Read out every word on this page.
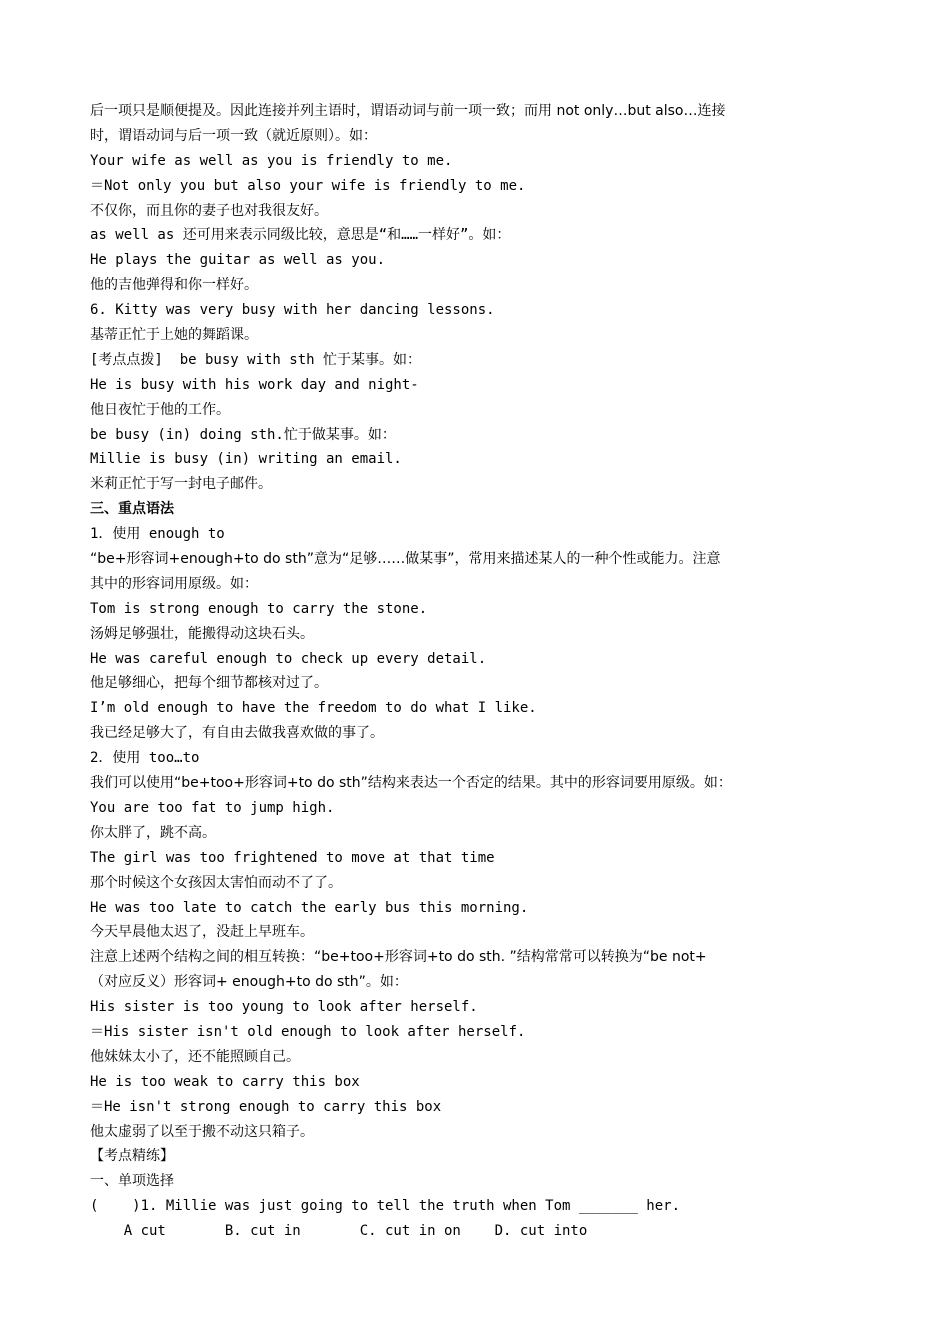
后一项只是顺便提及。因此连接并列主语时，谓语动词与前一项一致；而用 not only…but also…连接
时，谓语动词与后一项一致（就近原则）。如：
Your wife as well as you is friendly to me.
＝Not only you but also your wife is friendly to me.
不仅你，而且你的妻子也对我很友好。
as well as 还可用来表示同级比较，意思是“和……一样好”。如：
He plays the guitar as well as you.
他的吉他弹得和你一样好。
6. Kitty was very busy with her dancing lessons.
基蒂正忙于上她的舞蹈课。
[考点点拨]  be busy with sth 忙于某事。如：
He is busy with his work day and night-
他日夜忙于他的工作。
be busy (in) doing sth.忙于做某事。如：
Millie is busy (in) writing an email.
米莉正忙于写一封电子邮件。
三、重点语法
1．使用 enough to
“be+形容词+enough+to do sth”意为“足够……做某事”，常用来描述某人的一种个性或能力。注意
其中的形容词用原级。如：
Tom is strong enough to carry the stone.
汤姆足够强壮，能搬得动这块石头。
He was careful enough to check up every detail.
他足够细心，把每个细节都核对过了。
I’m old enough to have the freedom to do what I like.
我已经足够大了，有自由去做我喜欢做的事了。
2．使用 too…to
我们可以使用“be+too+形容词+to do sth”结构来表达一个否定的结果。其中的形容词要用原级。如：
You are too fat to jump high.
你太胖了，跳不高。
The girl was too frightened to move at that time
那个时候这个女孩因太害怕而动不了了。
He was too late to catch the early bus this morning.
今天早晨他太迟了，没赶上早班车。
注意上述两个结构之间的相互转换：“be+too+形容词+to do sth. ”结构常常可以转换为“be not+
（对应反义）形容词+ enough+to do sth”。如：
His sister is too young to look after herself.
＝His sister isn't old enough to look after herself.
他妹妹太小了，还不能照顾自己。
He is too weak to carry this box
＝He isn't strong enough to carry this box
他太虚弱了以至于搬不动这只箱子。
【考点精练】
一、单项选择
(    )1. Millie was just going to tell the truth when Tom _______ her.
A cut       B. cut in       C. cut in on    D. cut into
